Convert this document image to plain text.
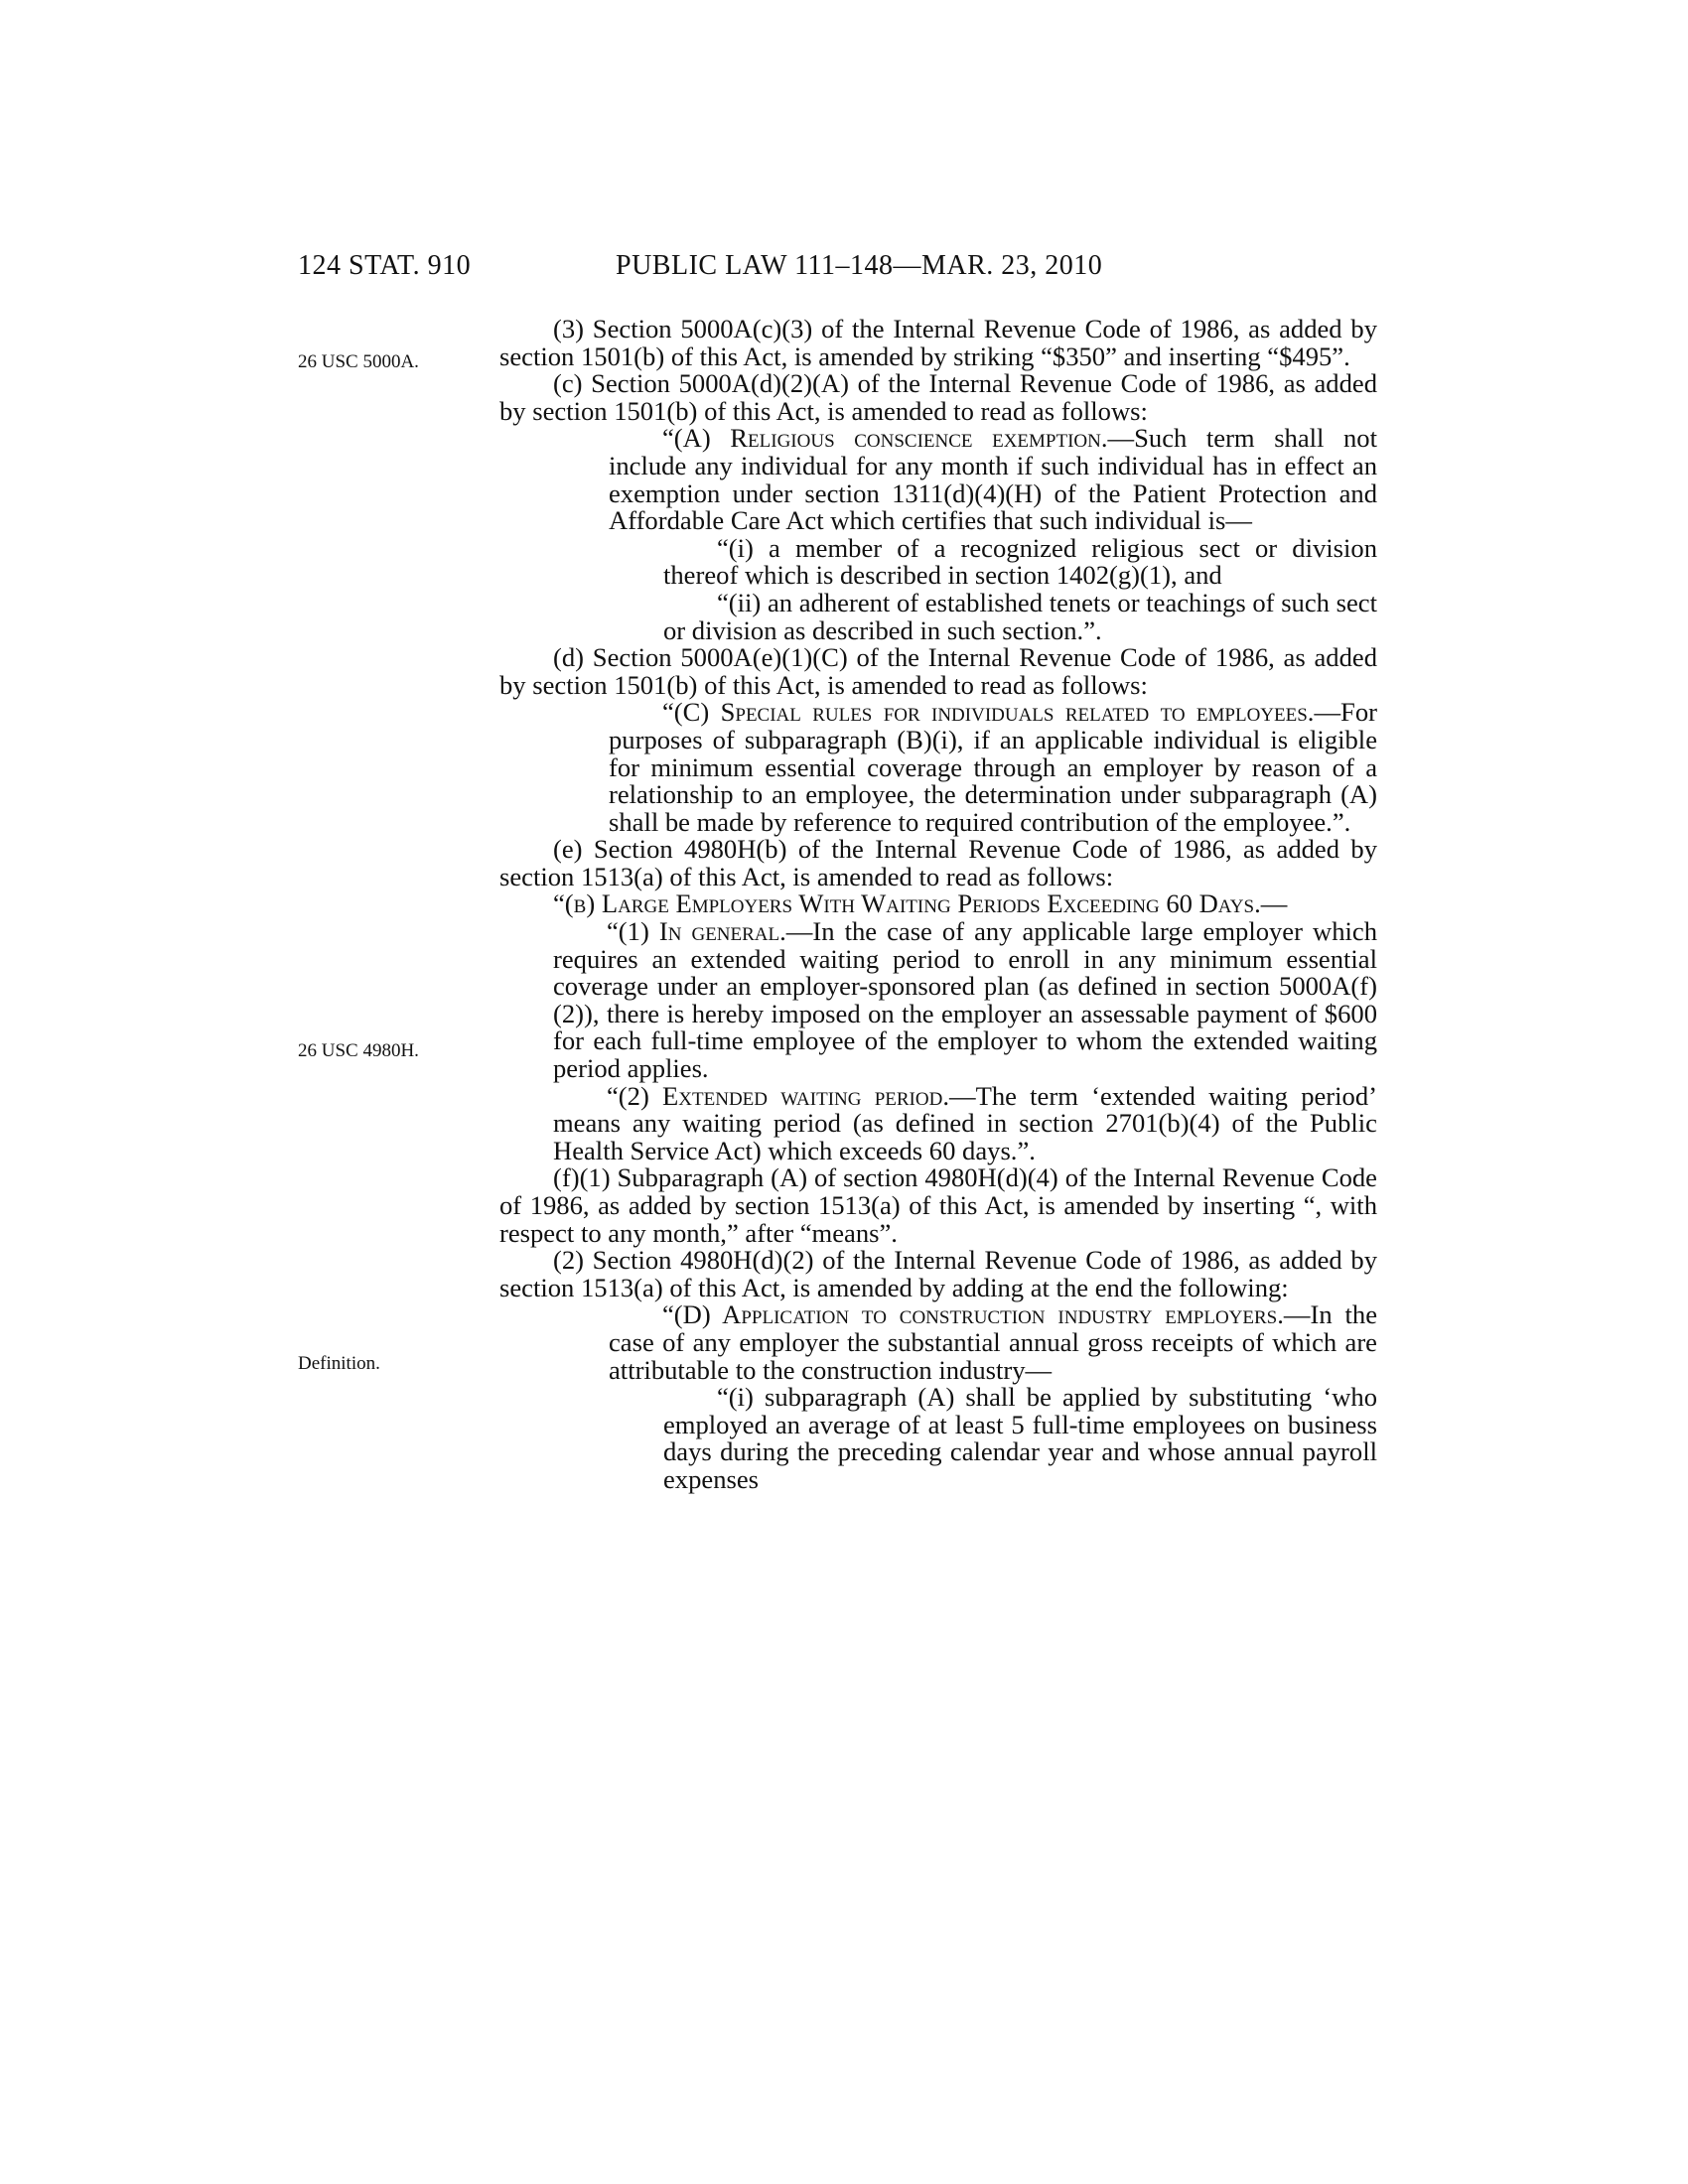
124 STAT. 910	PUBLIC LAW 111–148—MAR. 23, 2010
26 USC 5000A.
26 USC 4980H.
Definition.

(3) Section 5000A(c)(3) of the Internal Revenue Code of 1986, as added by section 1501(b) of this Act, is amended by striking “$350” and inserting “$495”.

(c) Section 5000A(d)(2)(A) of the Internal Revenue Code of 1986, as added by section 1501(b) of this Act, is amended to read as follows:

“(A) Religious conscience exemption.—Such term shall not include any individual for any month if such individual has in effect an exemption under section 1311(d)(4)(H) of the Patient Protection and Affordable Care Act which certifies that such individual is—

“(i) a member of a recognized religious sect or division thereof which is described in section 1402(g)(1), and

“(ii) an adherent of established tenets or teachings of such sect or division as described in such section.”.

(d) Section 5000A(e)(1)(C) of the Internal Revenue Code of 1986, as added by section 1501(b) of this Act, is amended to read as follows:

“(C) Special rules for individuals related to employees.—For purposes of subparagraph (B)(i), if an applicable individual is eligible for minimum essential coverage through an employer by reason of a relationship to an employee, the determination under subparagraph (A) shall be made by reference to required contribution of the employee.”.

(e) Section 4980H(b) of the Internal Revenue Code of 1986, as added by section 1513(a) of this Act, is amended to read as follows:

“(b) Large Employers With Waiting Periods Exceeding 60 Days.—

“(1) In general.—In the case of any applicable large employer which requires an extended waiting period to enroll in any minimum essential coverage under an employer-sponsored plan (as defined in section 5000A(f)(2)), there is hereby imposed on the employer an assessable payment of $600 for each full-time employee of the employer to whom the extended waiting period applies.

“(2) Extended waiting period.—The term ‘extended waiting period’ means any waiting period (as defined in section 2701(b)(4) of the Public Health Service Act) which exceeds 60 days.”.

(f)(1) Subparagraph (A) of section 4980H(d)(4) of the Internal Revenue Code of 1986, as added by section 1513(a) of this Act, is amended by inserting “, with respect to any month,” after “means”.

(2) Section 4980H(d)(2) of the Internal Revenue Code of 1986, as added by section 1513(a) of this Act, is amended by adding at the end the following:

“(D) Application to construction industry employers.—In the case of any employer the substantial annual gross receipts of which are attributable to the construction industry—

“(i) subparagraph (A) shall be applied by substituting ‘who employed an average of at least 5 full-time employees on business days during the preceding calendar year and whose annual payroll expenses
